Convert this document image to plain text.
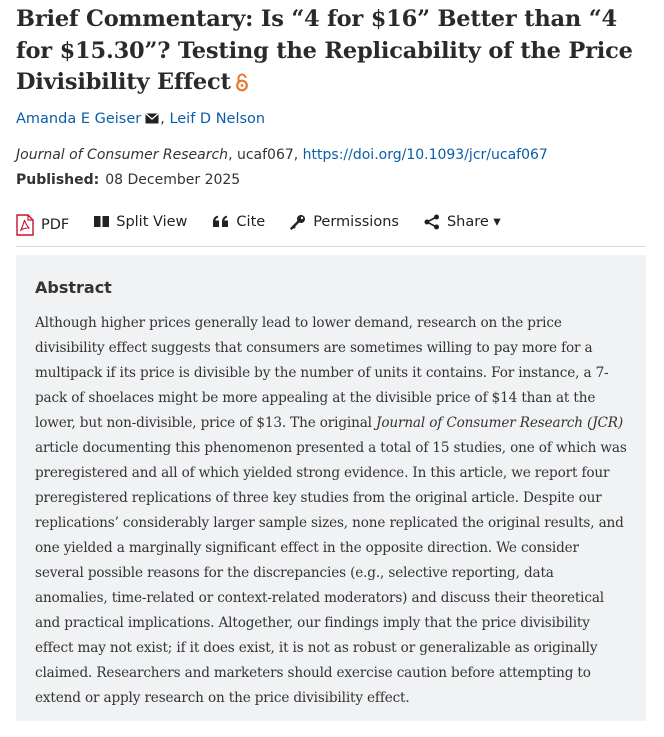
Brief Commentary: Is “4 for $16” Better than “4 for $15.30”? Testing the Replicability of the Price Divisibility Effect
Amanda E Geiser , Leif D Nelson
Journal of Consumer Research, ucaf067, https://doi.org/10.1093/jcr/ucaf067
Published: 08 December 2025
PDF	Split View	Cite	Permissions	Share ▾
Abstract

Although higher prices generally lead to lower demand, research on the price divisibility effect suggests that consumers are sometimes willing to pay more for a multipack if its price is divisible by the number of units it contains. For instance, a 7-pack of shoelaces might be more appealing at the divisible price of $14 than at the lower, but non-divisible, price of $13. The original Journal of Consumer Research (JCR) article documenting this phenomenon presented a total of 15 studies, one of which was preregistered and all of which yielded strong evidence. In this article, we report four preregistered replications of three key studies from the original article. Despite our replications’ considerably larger sample sizes, none replicated the original results, and one yielded a marginally significant effect in the opposite direction. We consider several possible reasons for the discrepancies (e.g., selective reporting, data anomalies, time-related or context-related moderators) and discuss their theoretical and practical implications. Altogether, our findings imply that the price divisibility effect may not exist; if it does exist, it is not as robust or generalizable as originally claimed. Researchers and marketers should exercise caution before attempting to extend or apply research on the price divisibility effect.
